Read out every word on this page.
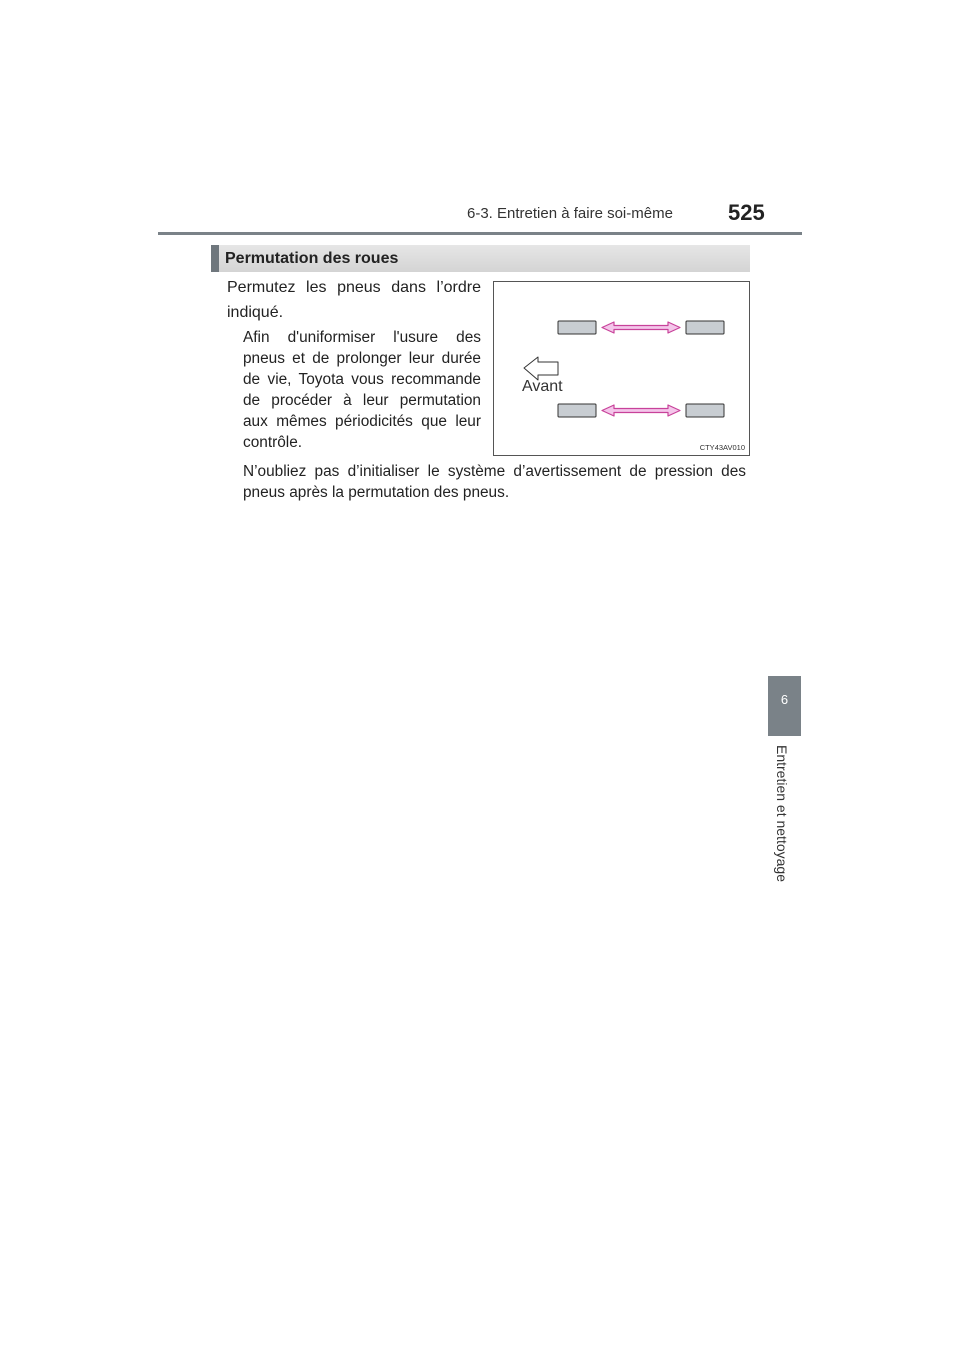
6-3. Entretien à faire soi-même	525
6
Entretien et nettoyage
Permutation des roues
Permutez les pneus dans l’ordre indiqué.
Afin d'uniformiser l'usure des pneus et de prolonger leur durée de vie, Toyota vous recommande de procéder à leur permutation aux mêmes périodicités que leur contrôle.
N’oubliez pas d’initialiser le système d’avertissement de pression des pneus après la permutation des pneus.
Avant
CTY43AV010
